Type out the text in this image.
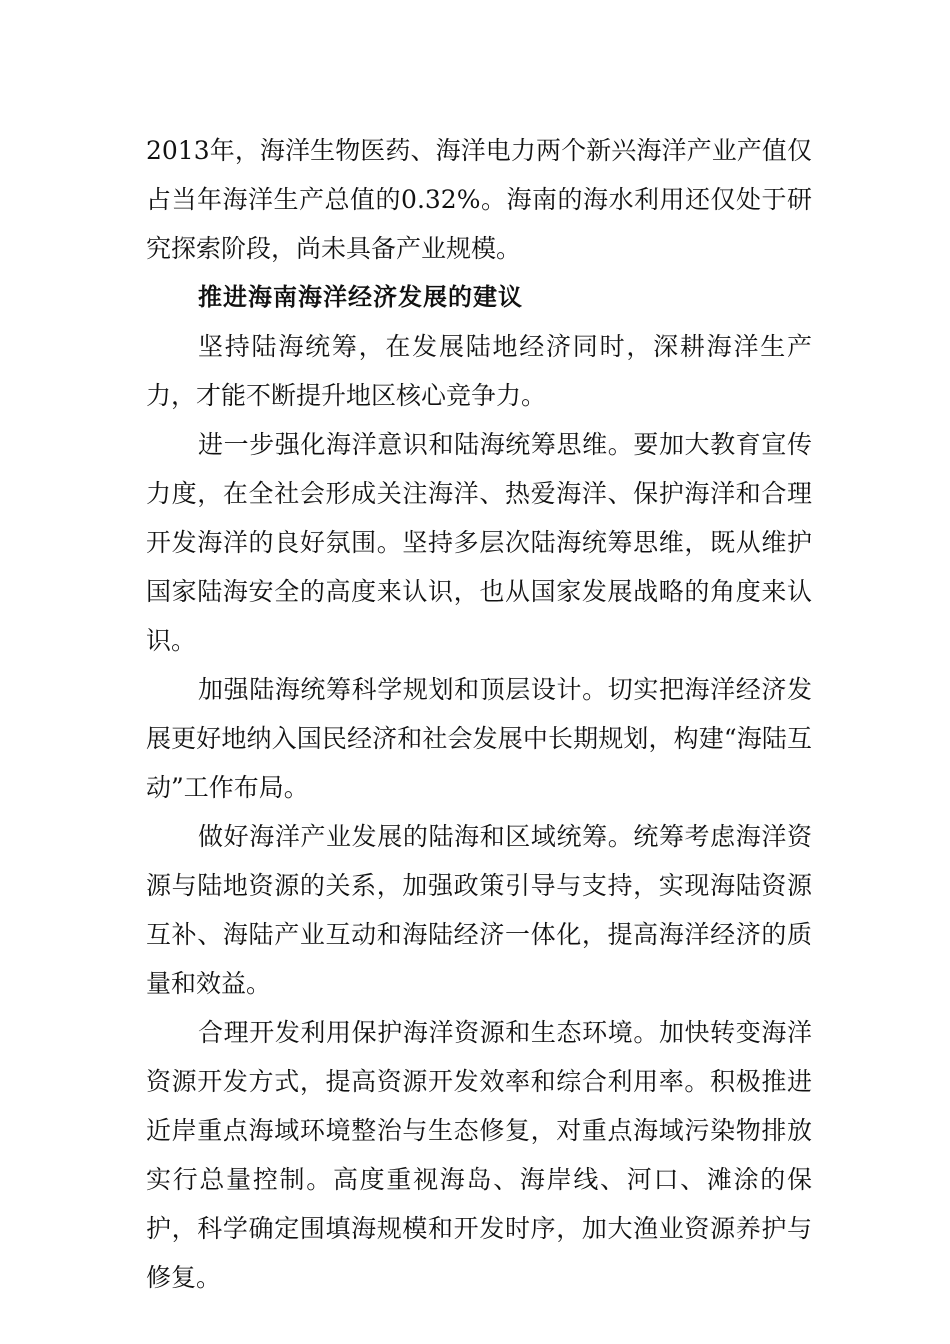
2013年，海洋生物医药、海洋电力两个新兴海洋产业产值仅占当年海洋生产总值的0.32%。海南的海水利用还仅处于研究探索阶段，尚未具备产业规模。

推进海南海洋经济发展的建议

坚持陆海统筹，在发展陆地经济同时，深耕海洋生产力，才能不断提升地区核心竞争力。

进一步强化海洋意识和陆海统筹思维。要加大教育宣传力度，在全社会形成关注海洋、热爱海洋、保护海洋和合理开发海洋的良好氛围。坚持多层次陆海统筹思维，既从维护国家陆海安全的高度来认识，也从国家发展战略的角度来认识。

加强陆海统筹科学规划和顶层设计。切实把海洋经济发展更好地纳入国民经济和社会发展中长期规划，构建“海陆互动”工作布局。

做好海洋产业发展的陆海和区域统筹。统筹考虑海洋资源与陆地资源的关系，加强政策引导与支持，实现海陆资源互补、海陆产业互动和海陆经济一体化，提高海洋经济的质量和效益。

合理开发利用保护海洋资源和生态环境。加快转变海洋资源开发方式，提高资源开发效率和综合利用率。积极推进近岸重点海域环境整治与生态修复，对重点海域污染物排放实行总量控制。高度重视海岛、海岸线、河口、滩涂的保护，科学确定围填海规模和开发时序，加大渔业资源养护与修复。
